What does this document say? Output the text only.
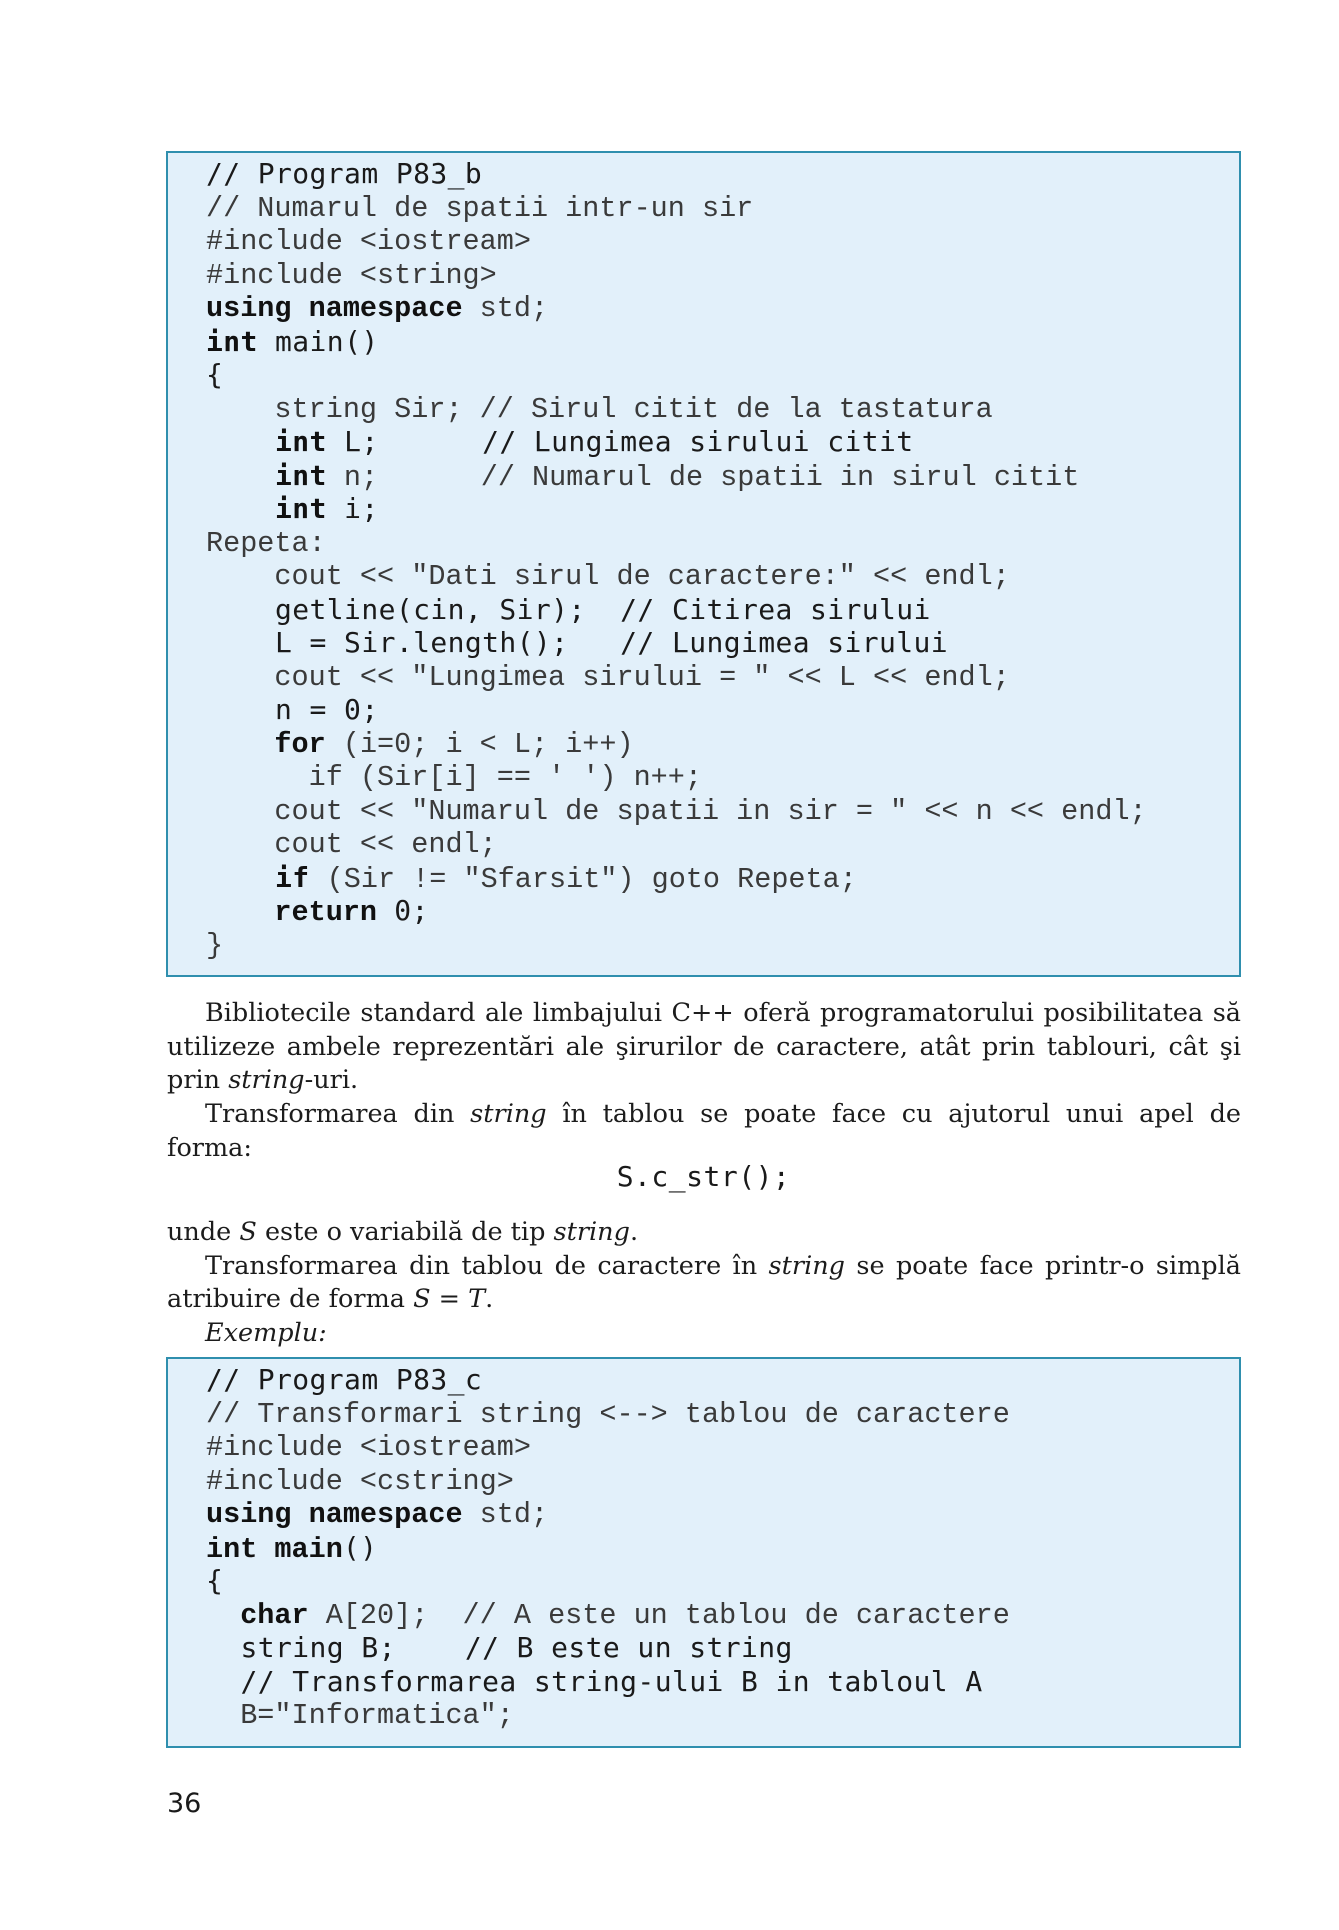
// Program P83_b
// Numarul de spatii intr-un sir
#include <iostream>
#include <string>
using namespace std;
int main()
{
string Sir; // Sirul citit de la tastatura
int L;      // Lungimea sirului citit
int n;      // Numarul de spatii in sirul citit
int i;
Repeta:
cout << "Dati sirul de caractere:" << endl;
getline(cin, Sir);  // Citirea sirului
L = Sir.length();   // Lungimea sirului
cout << "Lungimea sirului = " << L << endl;
n = 0;
for (i=0; i < L; i++)
if (Sir[i] == ' ') n++;
cout << "Numarul de spatii in sir = " << n << endl;
cout << endl;
if (Sir != "Sfarsit") goto Repeta;
return 0;
}

Bibliotecile standard ale limbajului C++ oferă programatorului posibilitatea să utilizeze ambele reprezentări ale şirurilor de caractere, atât prin tablouri, cât şi prin string-uri.

Transformarea din string în tablou se poate face cu ajutorul unui apel de forma:

S.c_str();

unde S este o variabilă de tip string.

Transformarea din tablou de caractere în string se poate face printr-o simplă atribuire de forma S = T.

Exemplu:

// Program P83_c
// Transformari string <--> tablou de caractere
#include <iostream>
#include <cstring>
using namespace std;
int main()
{
char A[20];  // A este un tablou de caractere
string B;    // B este un string
// Transformarea string-ului B in tabloul A
B="Informatica";
36
